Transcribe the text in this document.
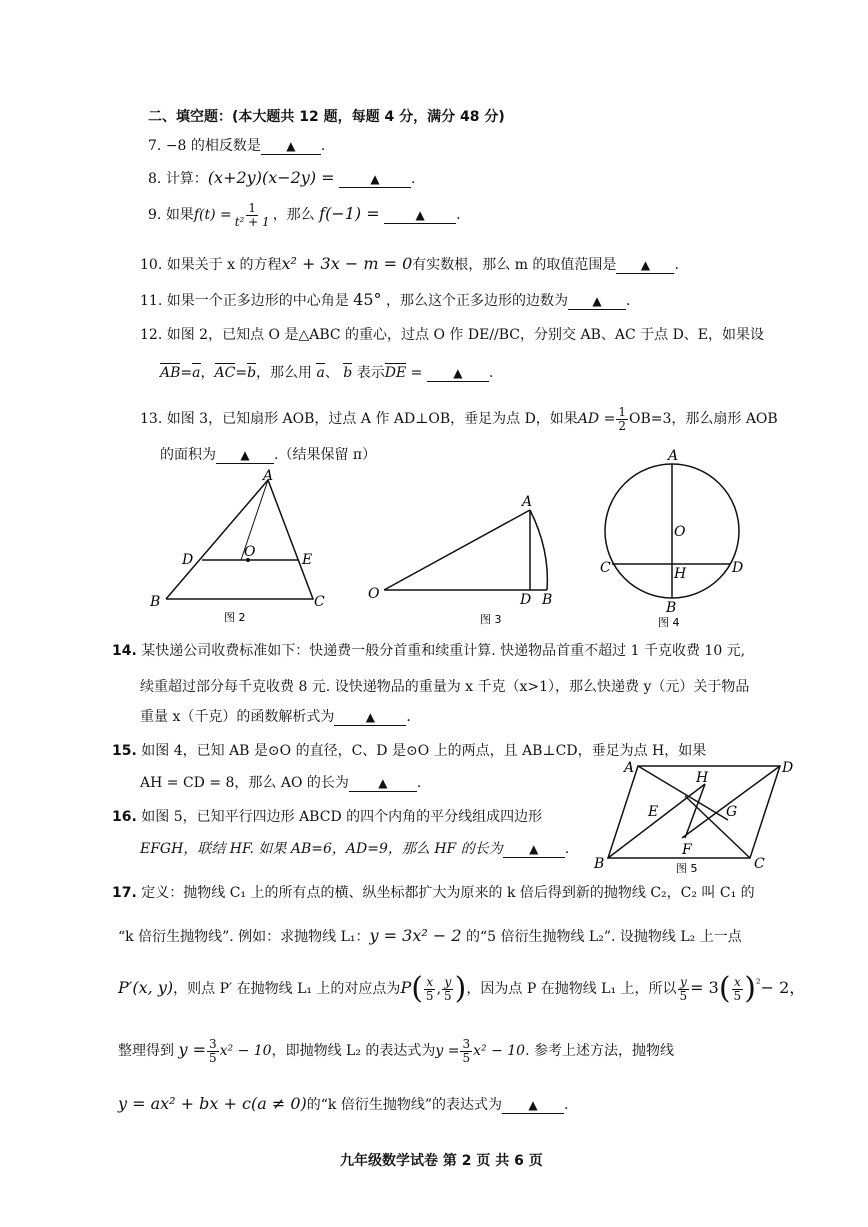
二、填空题：(本大题共 12 题，每题 4 分，满分 48 分)
7. −8 的相反数是 ▲ .
8. 计算：(x+2y)(x−2y) =	▲ .
9. 如果$f(t) = \frac{1}{\text{t² + 1}}$ ，那么 f(−1) =	▲ .
10. 如果关于 x 的方程x² + 3x − m = 0有实数根，那么 m 的取值范围是 ▲ .
11. 如果一个正多边形的中心角是 45° ，那么这个正多边形的边数为 ▲ .
12. 如图 2，已知点 O 是△ABC 的重心，过点 O 作 DE//BC，分别交 AB、AC 于点 D、E，如果设
AB=a，AC=b，那么用 a、 b 表示DE =	▲ .
13. 如图 3，已知扇形 AOB，过点 A 作 AD⊥OB，垂足为点 D，如果AD = $\frac{1}{2} OB=3$，那么扇形 AOB
的面积为 ▲ .（结果保留 π）
A
B	C
D	E
O
图 2
A
O	D B
图 3
A
B
C	D
O
H
图 4
14. 某快递公司收费标准如下：快递费一般分首重和续重计算. 快递物品首重不超过 1 千克收费 10 元,
续重超过部分每千克收费 8 元. 设快递物品的重量为 x 千克（x>1），那么快递费 y（元）关于物品
重量 x（千克）的函数解析式为	▲ .
15. 如图 4，已知 AB 是⊙O 的直径，C、D 是⊙O 上的两点，且 AB⊥CD，垂足为点 H，如果
AH = CD = 8，那么 AO 的长为 ▲ .
16. 如图 5，已知平行四边形 ABCD 的四个内角的平分线组成四边形
EFGH，联结 HF. 如果 AB=6，AD=9，那么 HF 的长为 ▲ .
A	D
B	C
H
E	G
F
图 5
17. 定义：抛物线 C₁ 上的所有点的横、纵坐标都扩大为原来的 k 倍后得到新的抛物线 C₂，C₂ 叫 C₁ 的
“k 倍衍生抛物线”. 例如：求抛物线 L₁：y = 3x² − 2 的“5 倍衍生抛物线 L₂”. 设抛物线 L₂ 上一点
P′(x, y)，则点 P′ 在抛物线 L₁ 上的对应点为$P( \frac{x}{5}$ , $\frac{y}{5}$ )，因为点 P 在抛物线 L₁ 上，所以 $\frac{y}{5} = 3( \frac{x}{5} )^{^2}- 2$，
整理得到 $y = \frac{3}{5} x^2 - 10$，即抛物线 L₂ 的表达式为$y = \frac{3}{5} x^2 - 10$. 参考上述方法，抛物线
y = ax² + bx + c(a ≠ 0)的“k 倍衍生抛物线”的表达式为 ▲ .
九年级数学试卷 第 2 页 共 6 页
